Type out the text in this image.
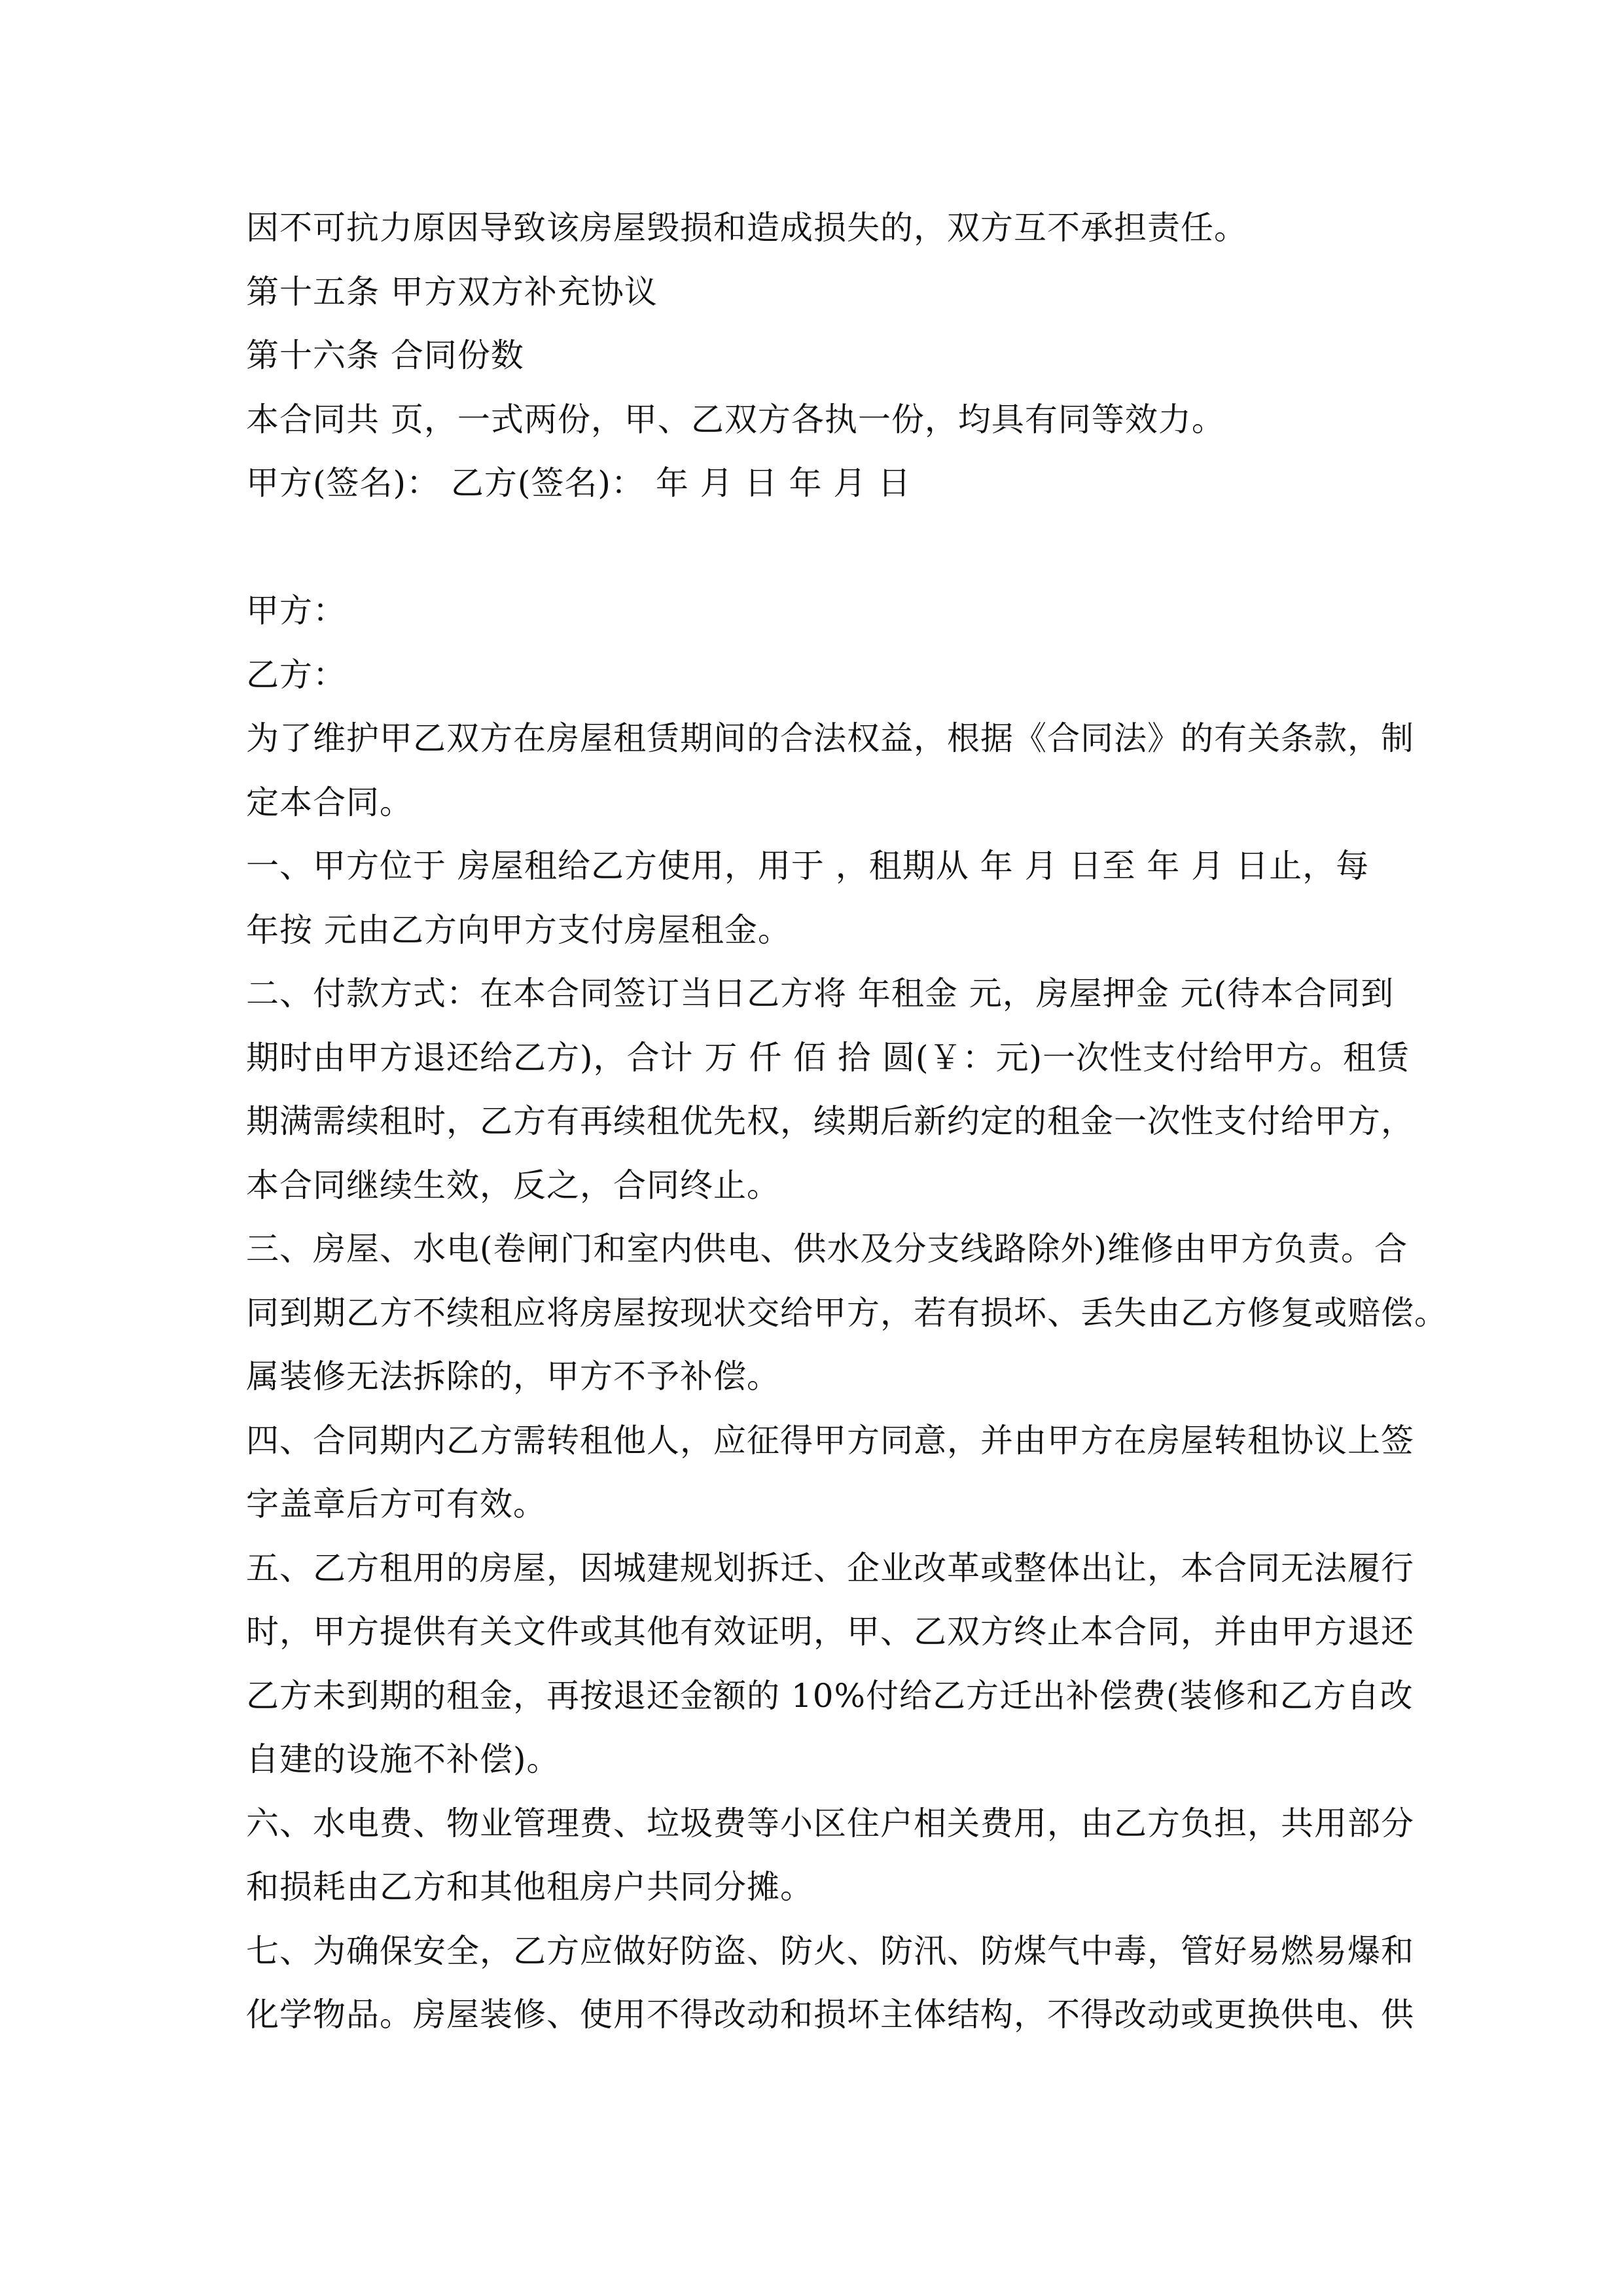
因不可抗力原因导致该房屋毁损和造成损失的，双方互不承担责任。
第十五条 甲方双方补充协议
第十六条 合同份数
本合同共 页，一式两份，甲、乙双方各执一份，均具有同等效力。
甲方(签名)： 乙方(签名)： 年 月 日 年 月 日
甲方：
乙方：
为了维护甲乙双方在房屋租赁期间的合法权益，根据《合同法》的有关条款，制
定本合同。
一、甲方位于 房屋租给乙方使用，用于 ，租期从 年 月 日至 年 月 日止，每
年按 元由乙方向甲方支付房屋租金。
二、付款方式：在本合同签订当日乙方将 年租金 元，房屋押金 元(待本合同到
期时由甲方退还给乙方)，合计 万 仟 佰 拾 圆(￥：元)一次性支付给甲方。租赁
期满需续租时，乙方有再续租优先权，续期后新约定的租金一次性支付给甲方，
本合同继续生效，反之，合同终止。
三、房屋、水电(卷闸门和室内供电、供水及分支线路除外)维修由甲方负责。合
同到期乙方不续租应将房屋按现状交给甲方，若有损坏、丢失由乙方修复或赔偿。
属装修无法拆除的，甲方不予补偿。
四、合同期内乙方需转租他人，应征得甲方同意，并由甲方在房屋转租协议上签
字盖章后方可有效。
五、乙方租用的房屋，因城建规划拆迁、企业改革或整体出让，本合同无法履行
时，甲方提供有关文件或其他有效证明，甲、乙双方终止本合同，并由甲方退还
乙方未到期的租金，再按退还金额的 10%付给乙方迁出补偿费(装修和乙方自改
自建的设施不补偿)。
六、水电费、物业管理费、垃圾费等小区住户相关费用，由乙方负担，共用部分
和损耗由乙方和其他租房户共同分摊。
七、为确保安全，乙方应做好防盗、防火、防汛、防煤气中毒，管好易燃易爆和
化学物品。房屋装修、使用不得改动和损坏主体结构，不得改动或更换供电、供
